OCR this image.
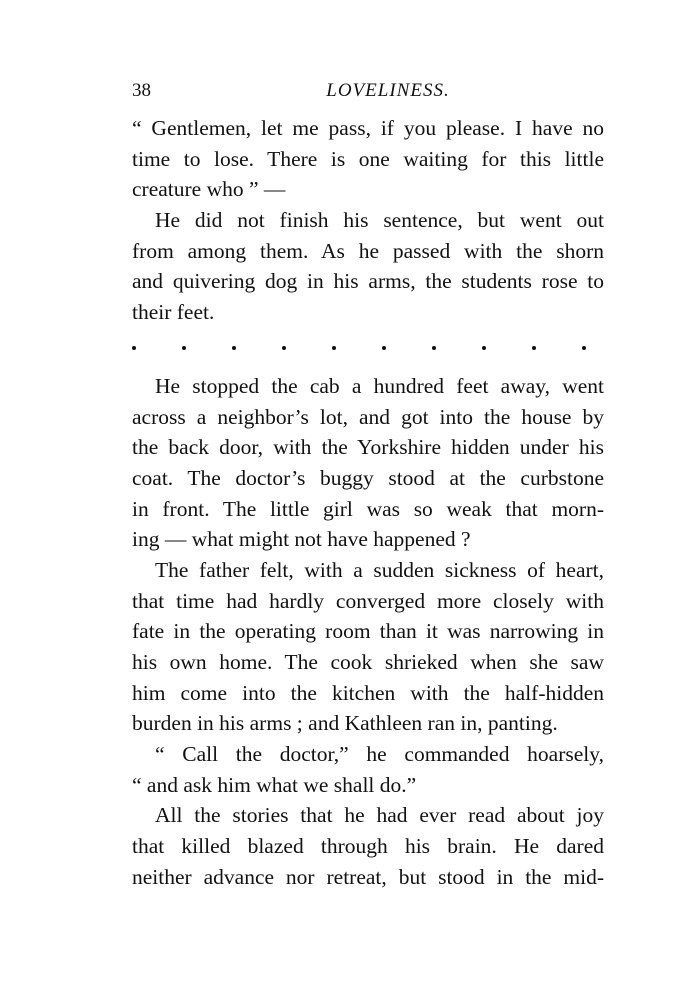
38	LOVELINESS.
“ Gentlemen, let me pass, if you please. I have no
time to lose. There is one waiting for this little
creature who ” —
He did not finish his sentence, but went out
from among them. As he passed with the shorn
and quivering dog in his arms, the students rose to
their feet.
He stopped the cab a hundred feet away, went
across a neighbor’s lot, and got into the house by
the back door, with the Yorkshire hidden under his
coat. The doctor’s buggy stood at the curbstone
in front. The little girl was so weak that morn-
ing — what might not have happened ?
The father felt, with a sudden sickness of heart,
that time had hardly converged more closely with
fate in the operating room than it was narrowing in
his own home. The cook shrieked when she saw
him come into the kitchen with the half-hidden
burden in his arms ; and Kathleen ran in, panting.
“ Call the doctor,” he commanded hoarsely,
“ and ask him what we shall do.”
All the stories that he had ever read about joy
that killed blazed through his brain. He dared
neither advance nor retreat, but stood in the mid-
